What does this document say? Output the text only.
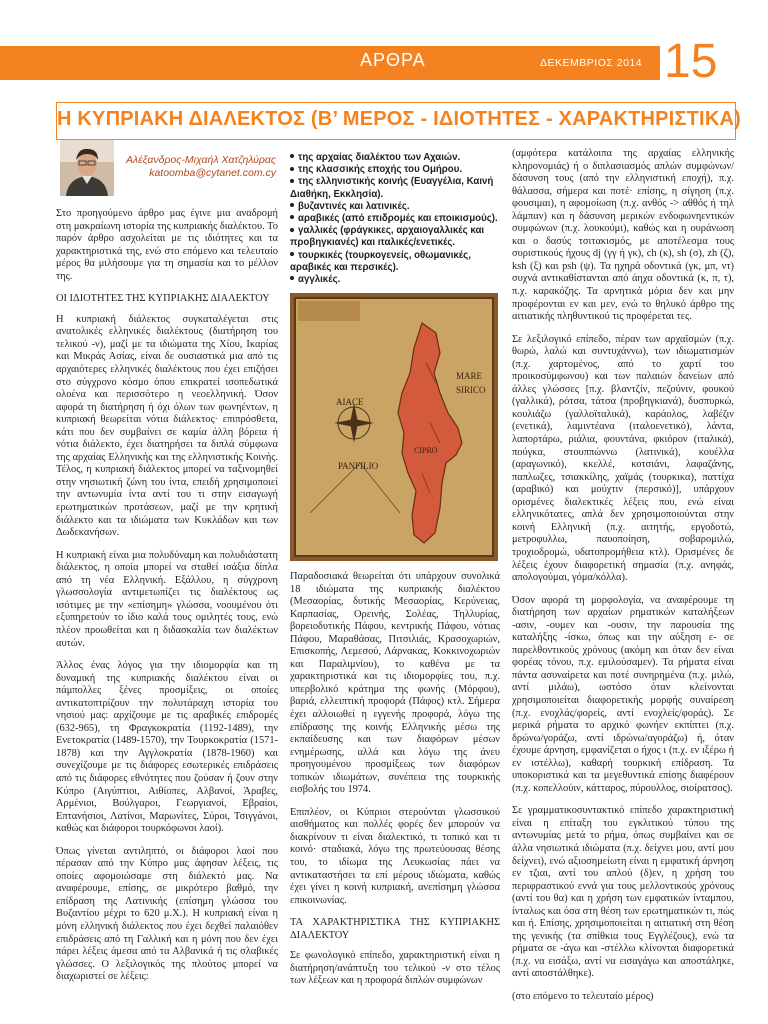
ΑΡΘΡΑ	ΔΕΚΕΜΒΡΙΟΣ 2014 15
Η ΚΥΠΡΙΑΚΗ ΔΙΑΛΕΚΤΟΣ (Β’ ΜΕΡΟΣ - ΙΔΙΟΤΗΤΕΣ - ΧΑΡΑΚΤΗΡΙΣΤΙΚΑ)
Αλέξανδρος-Μιχαήλ Χατζηλύρας
katoomba@cytanet.com.cy

Στο προηγούμενο άρθρο μας έγινε μια αναδρομή στη μακραίωνη ιστορία της κυπριακής διαλέκτου. Το παρόν άρθρο ασχολείται με τις ιδιότητες και τα χαρακτηριστικά της, ενώ στο επόμενο και τελευταίο μέρος θα μιλήσουμε για τη σημασία και το μέλλον της.

ΟΙ ΙΔΙΟΤΗΤΕΣ ΤΗΣ ΚΥΠΡΙΑΚΗΣ ΔΙΑΛΕΚΤΟΥ

Η κυπριακή διάλεκτος συγκαταλέγεται στις ανατολικές ελληνικές διαλέκτους (διατήρηση του τελικού -ν), μαζί με τα ιδιώματα της Χίου, Ικαρίας και Μικράς Ασίας, είναι δε ουσιαστικά μια από τις αρχαιότερες ελληνικές διαλέκτους που έχει επιζήσει στο σύγχρονο κόσμο όπου επικρατεί ισοπεδωτικά ολοένα και περισσότερο η νεοελληνική. Όσον αφορά τη διατήρηση ή όχι όλων των φωνηέντων, η κυπριακή θεωρείται νότια διάλεκτος· επιπρόσθετα, κάτι που δεν συμβαίνει σε καμία άλλη βόρεια ή νότια διάλεκτο, έχει διατηρήσει τα διπλά σύμφωνα της αρχαίας Ελληνικής και της ελληνιστικής Κοινής. Τέλος, η κυπριακή διάλεκτος μπορεί να ταξινομηθεί στην νησιωτική ζώνη του ίντα, επειδή χρησιμοποιεί την αντωνυμία ίντα αντί του τι στην εισαγωγή ερωτηματικών προτάσεων, μαζί με την κρητική διάλεκτο και τα ιδιώματα των Κυκλάδων και των Δωδεκανήσων.

Η κυπριακή είναι μια πολυδύναμη και πολυδιάστατη διάλεκτος, η οποία μπορεί να σταθεί ισάξια δίπλα από τη νέα Ελληνική. Εξάλλου, η σύγχρονη γλωσσολογία αντιμετωπίζει τις διαλέκτους ως ισότιμες με την «επίσημη» γλώσσα, νοουμένου ότι εξυπηρετούν το ίδιο καλά τους ομιλητές τους, ενώ πλέον προωθείται και η διδασκαλία των διαλέκτων αυτών.

Άλλος ένας λόγος για την ιδιομορφία και τη δυναμική της κυπριακής διαλέκτου είναι οι πάμπολλες ξένες προσμίξεις, οι οποίες αντικατοπτρίζουν την πολυτάραχη ιστορία του νησιού μας: αρχίζουμε με τις αραβικές επιδρομές (632-965), τη Φραγκοκρατία (1192-1489), την Ενετοκρατία (1489-1570), την Τουρκοκρατία (1571-1878) και την Αγγλοκρατία (1878-1960) και συνεχίζουμε με τις διάφορες εσωτερικές επιδράσεις από τις διάφορες εθνότητες που ζούσαν ή ζουν στην Κύπρο (Αιγύπτιοι, Αιθίοπες, Αλβανοί, Άραβες, Αρμένιοι, Βούλγαροι, Γεωργιανοί, Εβραίοι, Επτανήσιοι, Λατίνοι, Μαρωνίτες, Σύροι, Τσιγγάνοι, καθώς και διάφοροι τουρκόφωνοι λαοί).

Όπως γίνεται αντιληπτό, οι διάφοροι λαοί που πέρασαν από την Κύπρο μας άφησαν λέξεις, τις οποίες αφομοιώσαμε στη διάλεκτό μας. Να αναφέρουμε, επίσης, σε μικρότερο βαθμό, την επίδραση της Λατινικής (επίσημη γλώσσα του Βυζαντίου μέχρι το 620 μ.Χ.). Η κυπριακή είναι η μόνη ελληνική διάλεκτος που έχει δεχθεί παλαιόθεν επιδράσεις από τη Γαλλική και η μόνη που δεν έχει πάρει λέξεις άμεσα από τα Αλβανικά ή τις σλαβικές γλώσσες. Ο λεξιλογικός της πλούτος μπορεί να διαχωριστεί σε λέξεις:

της αρχαίας διαλέκτου των Αχαιών.
της κλασσικής εποχής του Ομήρου.
της ελληνιστικής κοινής (Ευαγγέλια, Καινή Διαθήκη, Εκκλησία).
βυζαντινές και λατινικές.
αραβικές (από επιδρομές και εποικισμούς).
γαλλικές (φράγκικες, αρχαιογαλλικές και προβηγκιανές) και ιταλικές/ενετικές.
τουρκικές (τουρκογενείς, οθωμανικές, αραβικές και περσικές).
αγγλικές.
AIACE
PANFILIO
MARE
SIRICO
CIPRO

Παραδοσιακά θεωρείται ότι υπάρχουν συνολικά 18 ιδιώματα της κυπριακής διαλέκτου (Μεσαορίας, δυτικής Μεσαορίας, Κερύνειας, Καρπασίας, Ορεινής, Σολέας, Τηλλυρίας, βορειοδυτικής Πάφου, κεντρικής Πάφου, νότιας Πάφου, Μαραθάσας, Πιτσιλιάς, Κρασοχωριών, Επισκοπής, Λεμεσού, Λάρνακας, Κοκκινοχωριών και Παραλιμνίου), το καθένα με τα χαρακτηριστικά και τις ιδιομορφίες του, π.χ. υπερβολικό κράτημα της φωνής (Μόρφου), βαριά, ελλειπτική προφορά (Πάφος) κτλ. Σήμερα έχει αλλοιωθεί η εγγενής προφορά, λόγω της επίδρασης της κοινής Ελληνικής μέσω της εκπαίδευσης και των διαφόρων μέσων ενημέρωσης, αλλά και λόγω της άνευ προηγουμένου προσμίξεως των διαφόρων τοπικών ιδιωμάτων, συνέπεια της τουρκικής εισβολής του 1974.

Επιπλέον, οι Κύπριοι στερούνται γλωσσικού αισθήματος και πολλές φορές δεν μπορούν να διακρίνουν τι είναι διαλεκτικό, τι τοπικό και τι κοινό· σταδιακά, λόγω της πρωτεύουσας θέσης του, το ιδίωμα της Λευκωσίας πάει να αντικαταστήσει τα επί μέρους ιδιώματα, καθώς έχει γίνει η κοινή κυπριακή, ανεπίσημη γλώσσα επικοινωνίας.

ΤΑ ΧΑΡΑΚΤΗΡΙΣΤΙΚΑ ΤΗΣ ΚΥΠΡΙΑΚΗΣ ΔΙΑΛΕΚΤΟΥ

Σε φωνολογικό επίπεδο, χαρακτηριστική είναι η διατήρηση/ανάπτυξη του τελικού -ν στο τέλος των λέξεων και η προφορά διπλών συμφώνων

(αμφότερα κατάλοιπα της αρχαίας ελληνικής κληρονομιάς) ή ο διπλασιασμός απλών συμφώνων/δάσυνση τους (από την ελληνιστική εποχή), π.χ. θάλασσα, σήμερα και ποτέ· επίσης, η σίγηση (π.χ. φουσιμαι), η αφομοίωση (π.χ. ανθός -> αθθός ή τηλ λάμπαν) και η δάσυνση μερικών ενδοφωνηεντικών συμφώνων (π.χ. λουκούμι), καθώς και η ουράνωση και ο δασύς τσιτακισμός, με αποτέλεσμα τους συριστικούς ήχους dj (γγ ή γκ), ch (κ), sh (σ), zh (ζ), ksh (ξ) και psh (ψ). Τα ηχηρά οδοντικά (γκ, μπ, ντ) συχνά αντικαθίστανται από άηχα οδοντικά (κ, π, τ), π.χ. καρακόζης. Τα αρνητικά μόρια δεν και μην προφέρονται εν και μεν, ενώ το θηλυκό άρθρο της αιτιατικής πληθυντικού τις προφέρεται τες.

Σε λεξιλογικό επίπεδο, πέραν των αρχαϊσμών (π.χ. θωρώ, λαλώ και συντυχάννω), των ιδιωματισμών (π.χ. χαρτομένος, από το χαρτί του προικοσύμφωνου) και των παλαιών δανείων από άλλες γλώσσες [π.χ. βλαντζίν, πεζούνιν, φουκού (γαλλικά), ρότσα, τάτσα (προβηγκιανά), δυσπυρκώ, κουλιάζω (γαλλοϊταλικά), καράολος, λαβέζιν (ενετικά), λαμιντέανα (ιταλοενετικό), λάντα, λαπορτάρω, ριάλια, φουντάνα, φκιόρον (ιταλικά), πούγκα, στουππώννω (λατινικά), κουέλλα (αραγωνικό), κκελλέ, κοτσιάνι, λαφαζάνης, παπλωζες, τσιακκίλης, χαϊμάς (τουρκικα), παττίχα (αραβικό) και μούχτιν (περσικό)], υπάρχουν ορισμένες διαλεκτικές λέξεις που, ενώ είναι ελληνικότατες, απλά δεν χρησιμοποιούνται στην κοινή Ελληνική (π.χ. αιτητής, εργοδοτώ, μετροφυλλω, παυοποίηση, σοβαρομιλώ, τροχιοδρομώ, υδατοπρομήθεια κτλ). Ορισμένες δε λέξεις έχουν διαφορετική σημασία (π.χ. ανηφάς, απολογούμαι, γόμα/κόλλα).

Όσον αφορά τη μορφολογία, να αναφέρουμε τη διατήρηση των αρχαίων ρηματικών καταλήξεων -ασιν, -ουμεν και -ουσιν, την παρουσία της καταλήξης -ίσκω, όπως και την αύξηση ε- σε παρελθοντικούς χρόνους (ακόμη και όταν δεν είναι φορέας τόνου, π.χ. εμιλούσαμεν). Τα ρήματα είναι πάντα ασυναίρετα και ποτέ συνηρημένα (π.χ. μιλώ, αντί μιλάω), ωστόσο όταν κλείνονται χρησιμοποιείται διαφορετικής μορφής συναίρεση (π.χ. ενοχλάς/φορείς, αντί ενοχλείς/φοράς). Σε μερικά ρήματα το αρχικό φωνήεν εκπίπτει (π.χ. δρώνω/γοράζω, αντί ιδρώνω/αγοράζω) ή, όταν έχουμε άρνηση, εμφανίζεται ο ήχος ι (π.χ. εν ιξέρω ή εν ιστέλλω), καθαρή τουρκική επίδραση. Τα υποκοριστικά και τα μεγεθυντικά επίσης διαφέρουν (π.χ. κοπελλούιν, κάτταρος, πύρουλλος, σιοίρατσος).

Σε γραμματικοσυντακτικό επίπεδο χαρακτηριστική είναι η επίταξη του εγκλιτικού τύπου της αντωνυμίας μετά το ρήμα, όπως συμβαίνει και σε άλλα νησιωτικά ιδιώματα (π.χ. δείχνει μου, αντί μου δείχνει), ενώ αξιοσημείωτη είναι η εμφατική άρνηση εν τζιαι, αντί του απλού (δ)εν, η χρήση του περιφραστικού εννά για τους μελλοντικούς χρόνους (αντί του θα) και η χρήση των εμφατικών ίνταμπου, ίνταλως και όσα στη θέση των ερωτηματικών τι, πώς και ή. Επίσης, χρησιμοποιείται η αιτιατική στη θέση της γενικής (τα σπίθκια τους Εγγλέζους), ενώ τα ρήματα σε -άγω και -στέλλω κλίνονται διαφορετικά (π.χ. να εισάξω, αντί να εισαγάγω και αποστάληκε, αντί αποστάλθηκε).

(στο επόμενο το τελευταίο μέρος)
